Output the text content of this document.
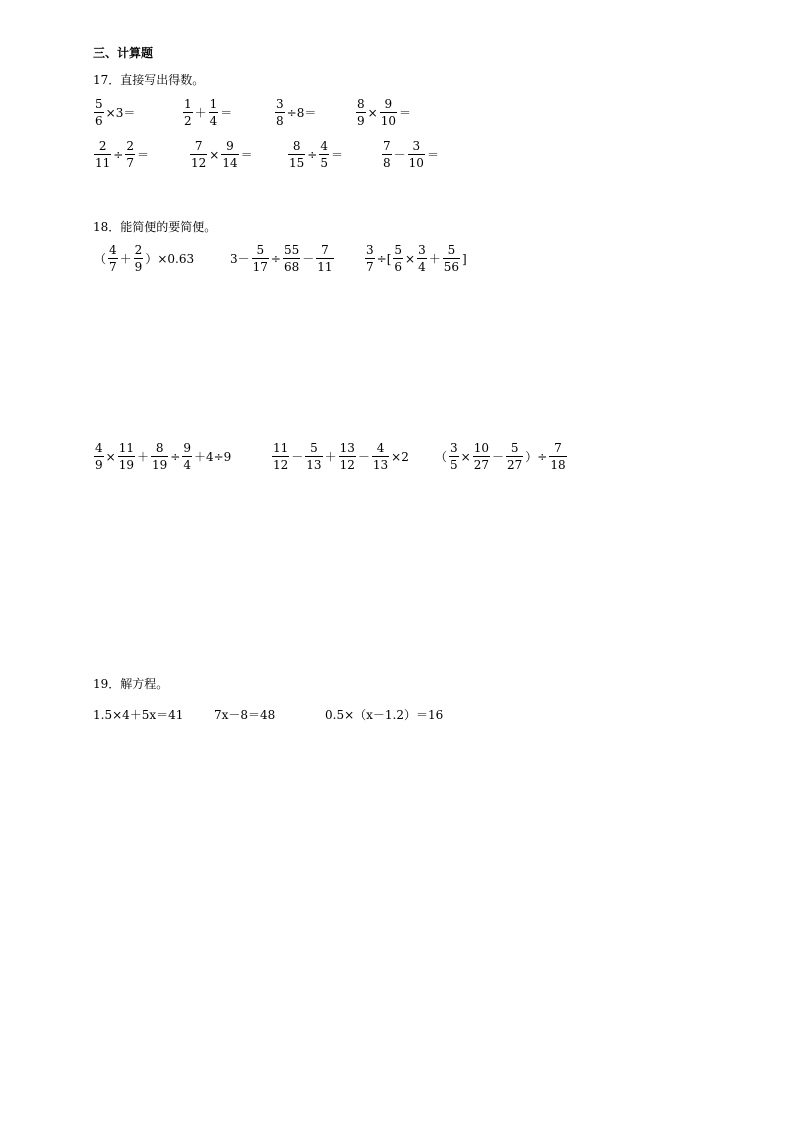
三、计算题
17．直接写出得数。
$\frac{5}{6} \times 3=$	$\frac{1}{2} + \frac{1}{4}$ ＝	$\frac{3}{8} \div 8=$	$\frac{8}{9} \times \frac{9}{10}$ ＝
$\frac{2}{11} \div \frac{2}{7}$ ＝	$\frac{7}{12} \times \frac{9}{14}$ ＝	$\frac{8}{15} \div \frac{4}{5}$ ＝	$\frac{7}{8} - \frac{3}{10}$ ＝
18．能简便的要简便。
（ $\frac{4}{7} + \frac{2}{9} )\times 0.63$	$3- \frac{5}{17} \div \frac{55}{68} - \frac{7}{11}$	$\frac{3}{7}$ ÷[ $\frac{5}{6} \times \frac{3}{4} + \frac{5}{56}$ ]
$\frac{4}{9} \times \frac{11}{19} + \frac{8}{19} \div \frac{9}{4} +4\div 9$	$\frac{11}{12} - \frac{5}{13} + \frac{13}{12} - \frac{4}{13} \times 2$ （ $\frac{3}{5} \times \frac{10}{27} - \frac{5}{27}$ ）÷ $\frac{7}{18}$
19．解方程。
1.5×4＋5x＝41	7x－8＝48	0.5×（x－1.2）＝16
